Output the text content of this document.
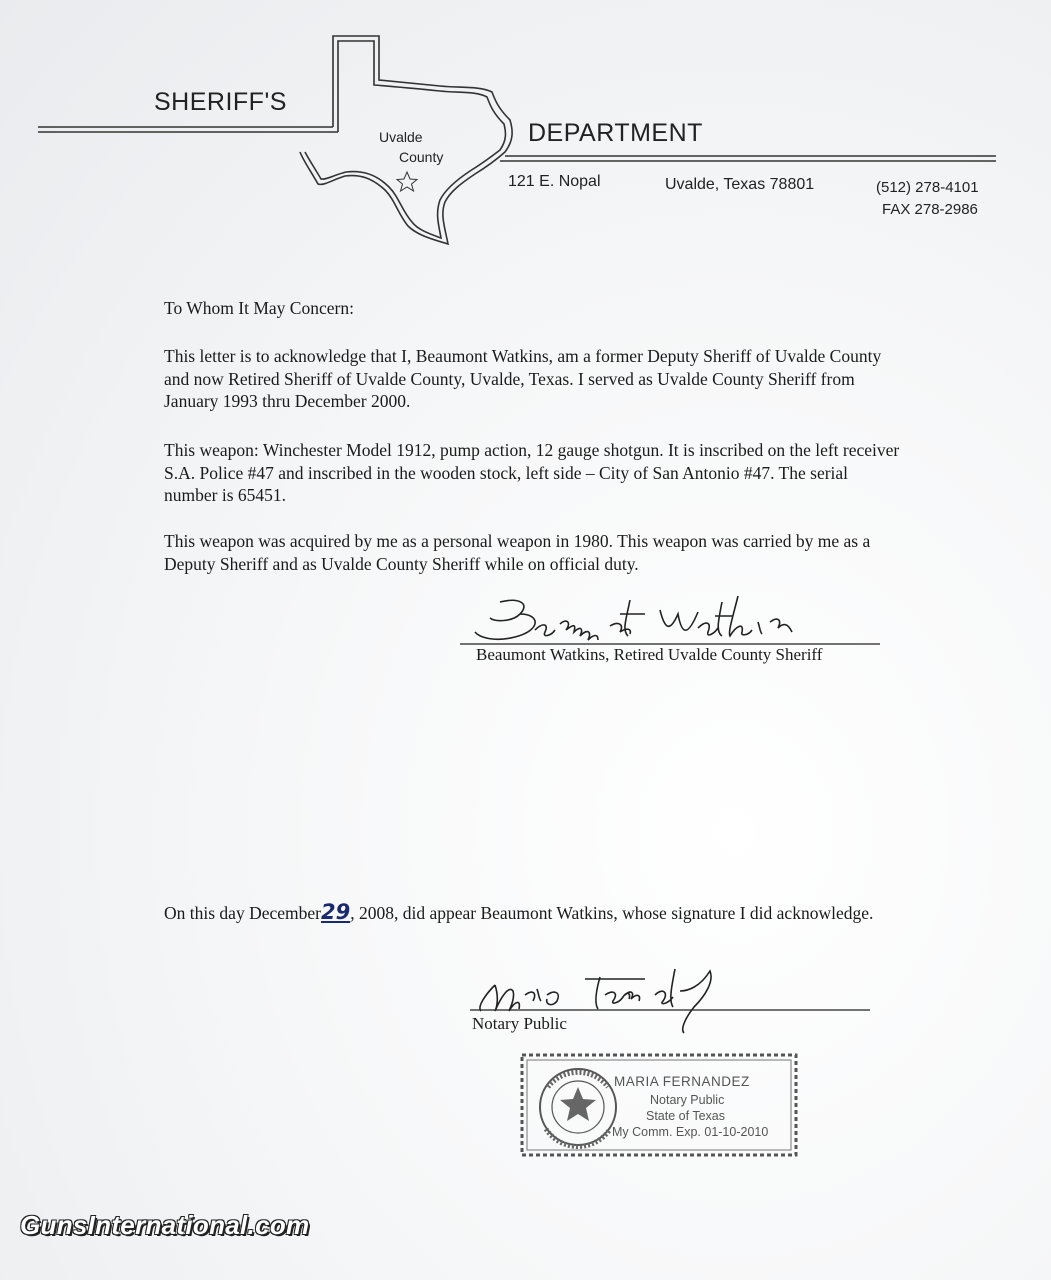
SHERIFF'S
DEPARTMENT
Uvalde
County
121 E. Nopal	Uvalde, Texas 78801	(512) 278-4101
FAX 278-2986
To Whom It May Concern:
This letter is to acknowledge that I, Beaumont Watkins, am a former Deputy Sheriff of Uvalde County and now Retired Sheriff of Uvalde County, Uvalde, Texas. I served as Uvalde County Sheriff from January 1993 thru December 2000.
This weapon: Winchester Model 1912, pump action, 12 gauge shotgun. It is inscribed on the left receiver S.A. Police #47 and inscribed in the wooden stock, left side – City of San Antonio #47. The serial number is 65451.
This weapon was acquired by me as a personal weapon in 1980. This weapon was carried by me as a Deputy Sheriff and as Uvalde County Sheriff while on official duty.
Beaumont Watkins, Retired Uvalde County Sheriff
On this day December29, 2008, did appear Beaumont Watkins, whose signature I did acknowledge.
Notary Public
MARIA FERNANDEZ
Notary Public
State of Texas
My Comm. Exp. 01-10-2010
GunsInternational.com
